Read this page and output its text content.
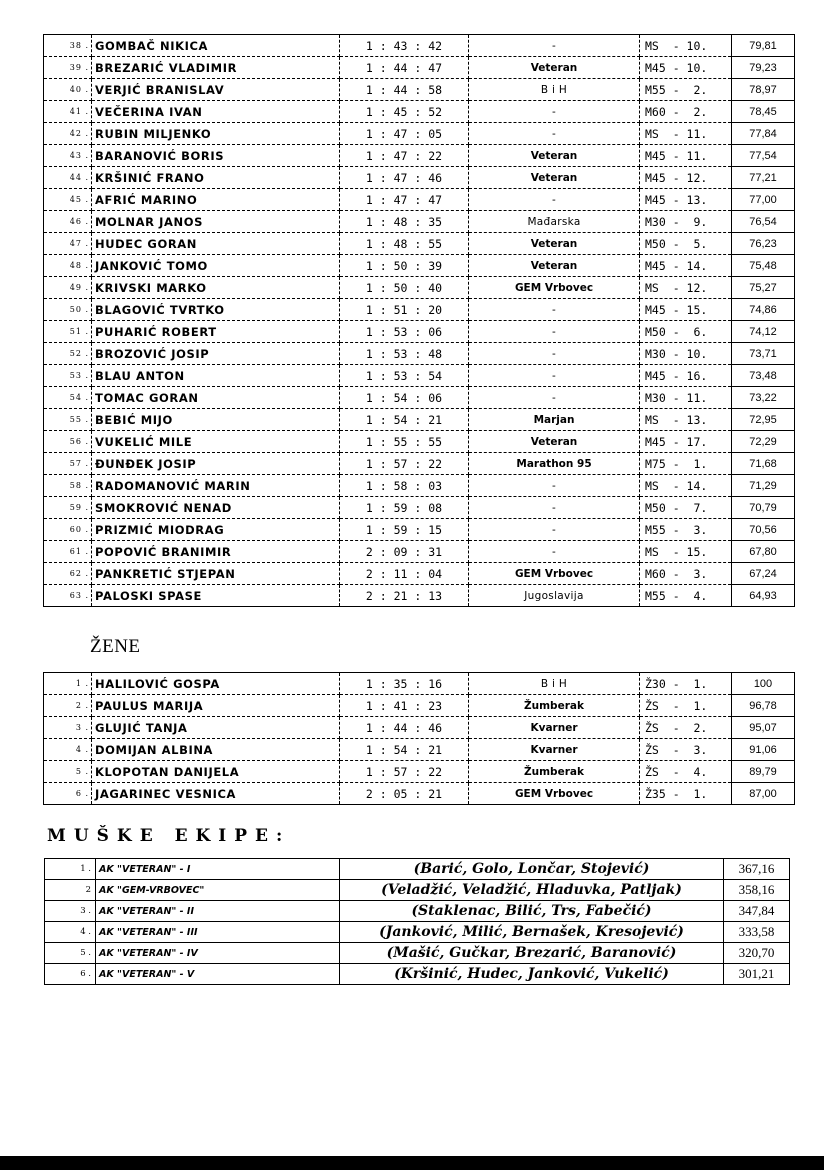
38 .	GOMBAČ NIKICA	1 : 43 : 42	-	MS  - 10.	79,81
39 .	BREZARIĆ VLADIMIR	1 : 44 : 47	Veteran	M45 - 10.	79,23
40 .	VERJIĆ BRANISLAV	1 : 44 : 58	B i H	M55 -  2.	78,97
41 .	VEČERINA IVAN	1 : 45 : 52	-	M60 -  2.	78,45
42 .	RUBIN MILJENKO	1 : 47 : 05	-	MS  - 11.	77,84
43 .	BARANOVIĆ BORIS	1 : 47 : 22	Veteran	M45 - 11.	77,54
44 .	KRŠINIĆ FRANO	1 : 47 : 46	Veteran	M45 - 12.	77,21
45 .	AFRIĆ MARINO	1 : 47 : 47	-	M45 - 13.	77,00
46 .	MOLNAR JANOS	1 : 48 : 35	Mađarska	M30 -  9.	76,54
47 .	HUDEC GORAN	1 : 48 : 55	Veteran	M50 -  5.	76,23
48 .	JANKOVIĆ TOMO	1 : 50 : 39	Veteran	M45 - 14.	75,48
49 .	KRIVSKI MARKO	1 : 50 : 40	GEM Vrbovec	MS  - 12.	75,27
50 .	BLAGOVIĆ TVRTKO	1 : 51 : 20	-	M45 - 15.	74,86
51 .	PUHARIĆ ROBERT	1 : 53 : 06	-	M50 -  6.	74,12
52 .	BROZOVIĆ JOSIP	1 : 53 : 48	-	M30 - 10.	73,71
53 .	BLAU ANTON	1 : 53 : 54	-	M45 - 16.	73,48
54 .	TOMAC GORAN	1 : 54 : 06	-	M30 - 11.	73,22
55 .	BEBIĆ MIJO	1 : 54 : 21	Marjan	MS  - 13.	72,95
56 .	VUKELIĆ MILE	1 : 55 : 55	Veteran	M45 - 17.	72,29
57 .	ĐUNĐEK JOSIP	1 : 57 : 22	Marathon 95	M75 -  1.	71,68
58 .	RADOMANOVIĆ MARIN	1 : 58 : 03	-	MS  - 14.	71,29
59 .	SMOKROVIĆ NENAD	1 : 59 : 08	-	M50 -  7.	70,79
60 .	PRIZMIĆ MIODRAG	1 : 59 : 15	-	M55 -  3.	70,56
61 .	POPOVIĆ BRANIMIR	2 : 09 : 31	-	MS  - 15.	67,80
62 .	PANKRETIĆ STJEPAN	2 : 11 : 04	GEM Vrbovec	M60 -  3.	67,24
63 .	PALOSKI SPASE	2 : 21 : 13	Jugoslavija	M55 -  4.	64,93
ŽENE
1 .	HALILOVIĆ GOSPA	1 : 35 : 16	B i H	Ž30 -  1.	100
2 .	PAULUS MARIJA	1 : 41 : 23	Žumberak	ŽS  -  1.	96,78
3 .	GLUJIĆ TANJA	1 : 44 : 46	Kvarner	ŽS  -  2.	95,07
4 .	DOMIJAN ALBINA	1 : 54 : 21	Kvarner	ŽS  -  3.	91,06
5 .	KLOPOTAN DANIJELA	1 : 57 : 22	Žumberak	ŽS  -  4.	89,79
6 .	JAGARINEC VESNICA	2 : 05 : 21	GEM Vrbovec	Ž35 -  1.	87,00
MUŠKE EKIPE:
1 .	AK "VETERAN" - I	(Barić, Golo, Lončar, Stojević)	367,16
2	AK "GEM-VRBOVEC"	(Veladžić, Veladžić, Hladuvka, Patljak)	358,16
3 .	AK "VETERAN" - II	(Staklenac, Bilić, Trs, Fabečić)	347,84
4 .	AK "VETERAN" - III	(Janković, Milić, Bernašek, Kresojević)	333,58
5 .	AK "VETERAN" - IV	(Mašić, Gučkar, Brezarić, Baranović)	320,70
6 .	AK "VETERAN" - V	(Kršinić, Hudec, Janković, Vukelić)	301,21
